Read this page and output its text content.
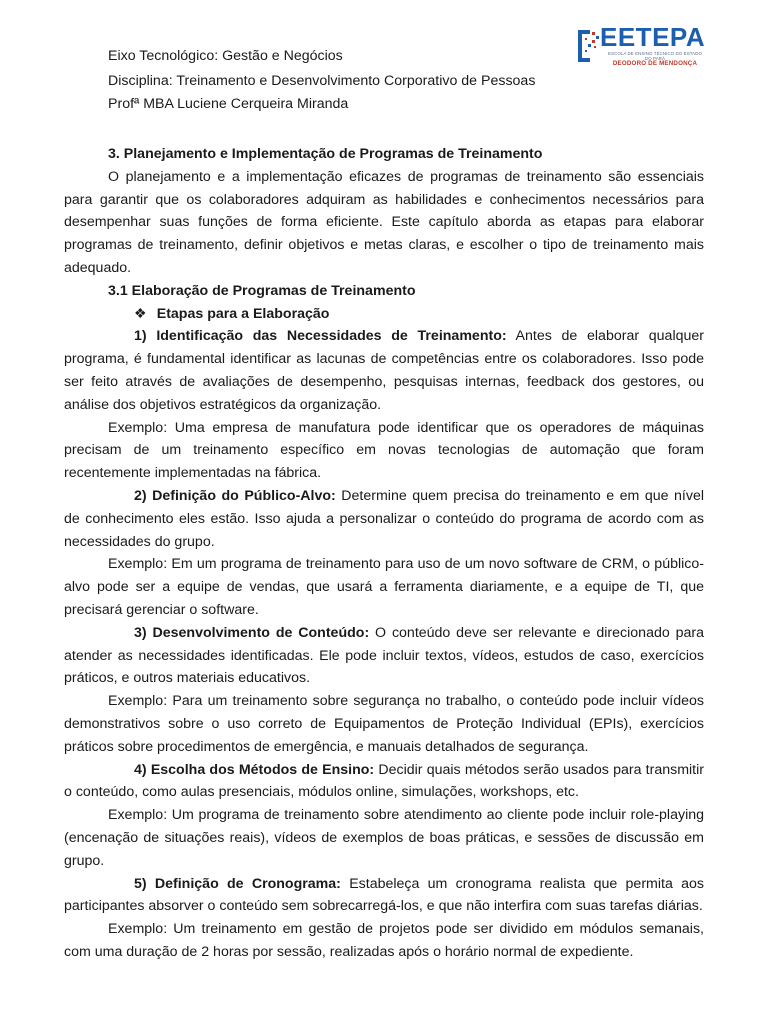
Eixo Tecnológico: Gestão e Negócios
Disciplina: Treinamento e Desenvolvimento Corporativo de Pessoas
Profª MBA Luciene Cerqueira Miranda
EETEPA
ESCOLA DE ENSINO TÉCNICO DO ESTADO DO PARÁ
DEODORO DE MENDONÇA
3. Planejamento e Implementação de Programas de Treinamento

O planejamento e a implementação eficazes de programas de treinamento são essenciais para garantir que os colaboradores adquiram as habilidades e conhecimentos necessários para desempenhar suas funções de forma eficiente. Este capítulo aborda as etapas para elaborar programas de treinamento, definir objetivos e metas claras, e escolher o tipo de treinamento mais adequado.

3.1 Elaboração de Programas de Treinamento
❖ Etapas para a Elaboração

1) Identificação das Necessidades de Treinamento: Antes de elaborar qualquer programa, é fundamental identificar as lacunas de competências entre os colaboradores. Isso pode ser feito através de avaliações de desempenho, pesquisas internas, feedback dos gestores, ou análise dos objetivos estratégicos da organização.

Exemplo: Uma empresa de manufatura pode identificar que os operadores de máquinas precisam de um treinamento específico em novas tecnologias de automação que foram recentemente implementadas na fábrica.

2) Definição do Público-Alvo: Determine quem precisa do treinamento e em que nível de conhecimento eles estão. Isso ajuda a personalizar o conteúdo do programa de acordo com as necessidades do grupo.

Exemplo: Em um programa de treinamento para uso de um novo software de CRM, o público-alvo pode ser a equipe de vendas, que usará a ferramenta diariamente, e a equipe de TI, que precisará gerenciar o software.

3) Desenvolvimento de Conteúdo: O conteúdo deve ser relevante e direcionado para atender as necessidades identificadas. Ele pode incluir textos, vídeos, estudos de caso, exercícios práticos, e outros materiais educativos.

Exemplo: Para um treinamento sobre segurança no trabalho, o conteúdo pode incluir vídeos demonstrativos sobre o uso correto de Equipamentos de Proteção Individual (EPIs), exercícios práticos sobre procedimentos de emergência, e manuais detalhados de segurança.

4) Escolha dos Métodos de Ensino: Decidir quais métodos serão usados para transmitir o conteúdo, como aulas presenciais, módulos online, simulações, workshops, etc.

Exemplo: Um programa de treinamento sobre atendimento ao cliente pode incluir role-playing (encenação de situações reais), vídeos de exemplos de boas práticas, e sessões de discussão em grupo.

5) Definição de Cronograma: Estabeleça um cronograma realista que permita aos participantes absorver o conteúdo sem sobrecarregá-los, e que não interfira com suas tarefas diárias.

Exemplo: Um treinamento em gestão de projetos pode ser dividido em módulos semanais, com uma duração de 2 horas por sessão, realizadas após o horário normal de expediente.
